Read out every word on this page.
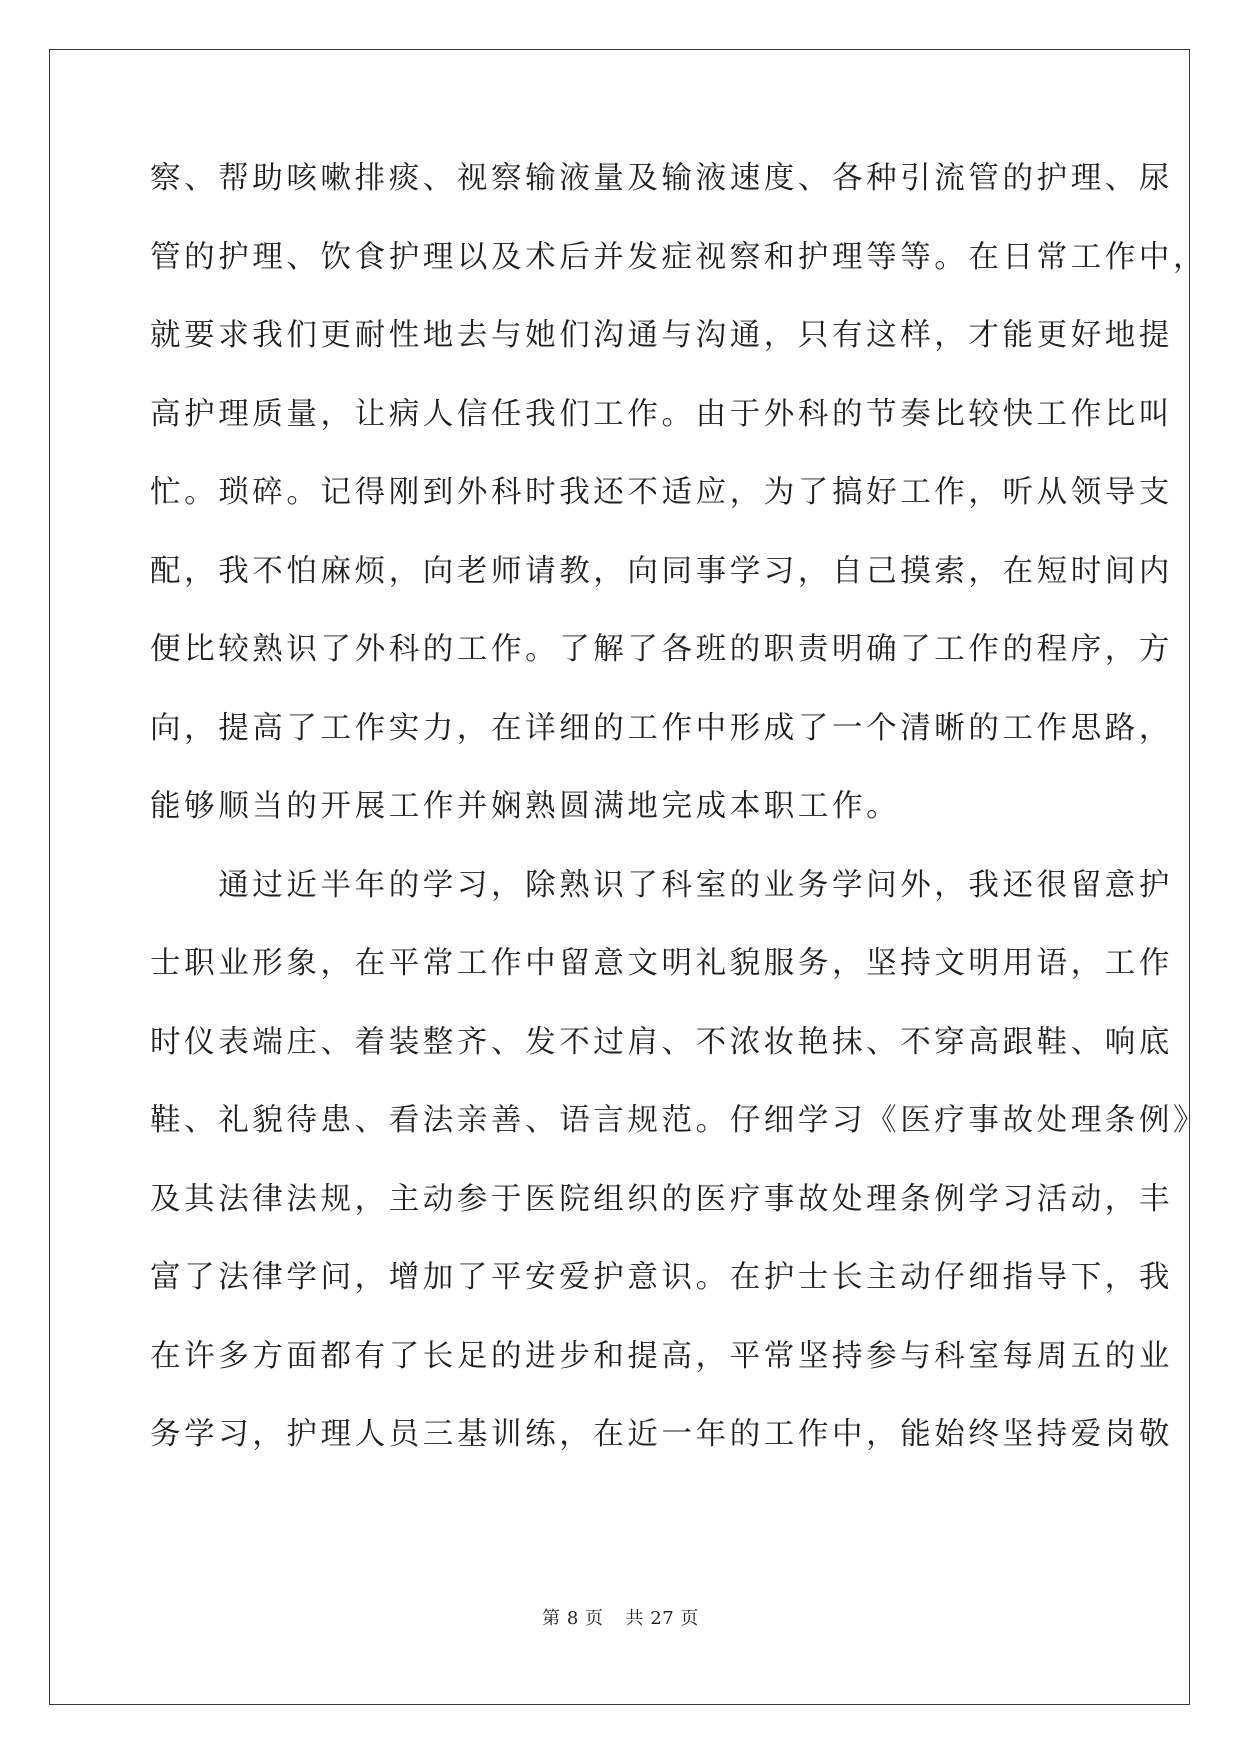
察、帮助咳嗽排痰、视察输液量及输液速度、各种引流管的护理、尿
管的护理、饮食护理以及术后并发症视察和护理等等。在日常工作中，
就要求我们更耐性地去与她们沟通与沟通，只有这样，才能更好地提
高护理质量，让病人信任我们工作。由于外科的节奏比较快工作比叫
忙。琐碎。记得刚到外科时我还不适应，为了搞好工作，听从领导支
配，我不怕麻烦，向老师请教，向同事学习，自己摸索，在短时间内
便比较熟识了外科的工作。了解了各班的职责明确了工作的程序，方
向，提高了工作实力，在详细的工作中形成了一个清晰的工作思路，
能够顺当的开展工作并娴熟圆满地完成本职工作。
　　通过近半年的学习，除熟识了科室的业务学问外，我还很留意护
士职业形象，在平常工作中留意文明礼貌服务，坚持文明用语，工作
时仪表端庄、着装整齐、发不过肩、不浓妆艳抹、不穿高跟鞋、响底
鞋、礼貌待患、看法亲善、语言规范。仔细学习《医疗事故处理条例》
及其法律法规，主动参于医院组织的医疗事故处理条例学习活动，丰
富了法律学问，增加了平安爱护意识。在护士长主动仔细指导下，我
在许多方面都有了长足的进步和提高，平常坚持参与科室每周五的业
务学习，护理人员三基训练，在近一年的工作中，能始终坚持爱岗敬
第 8 页 共 27 页
